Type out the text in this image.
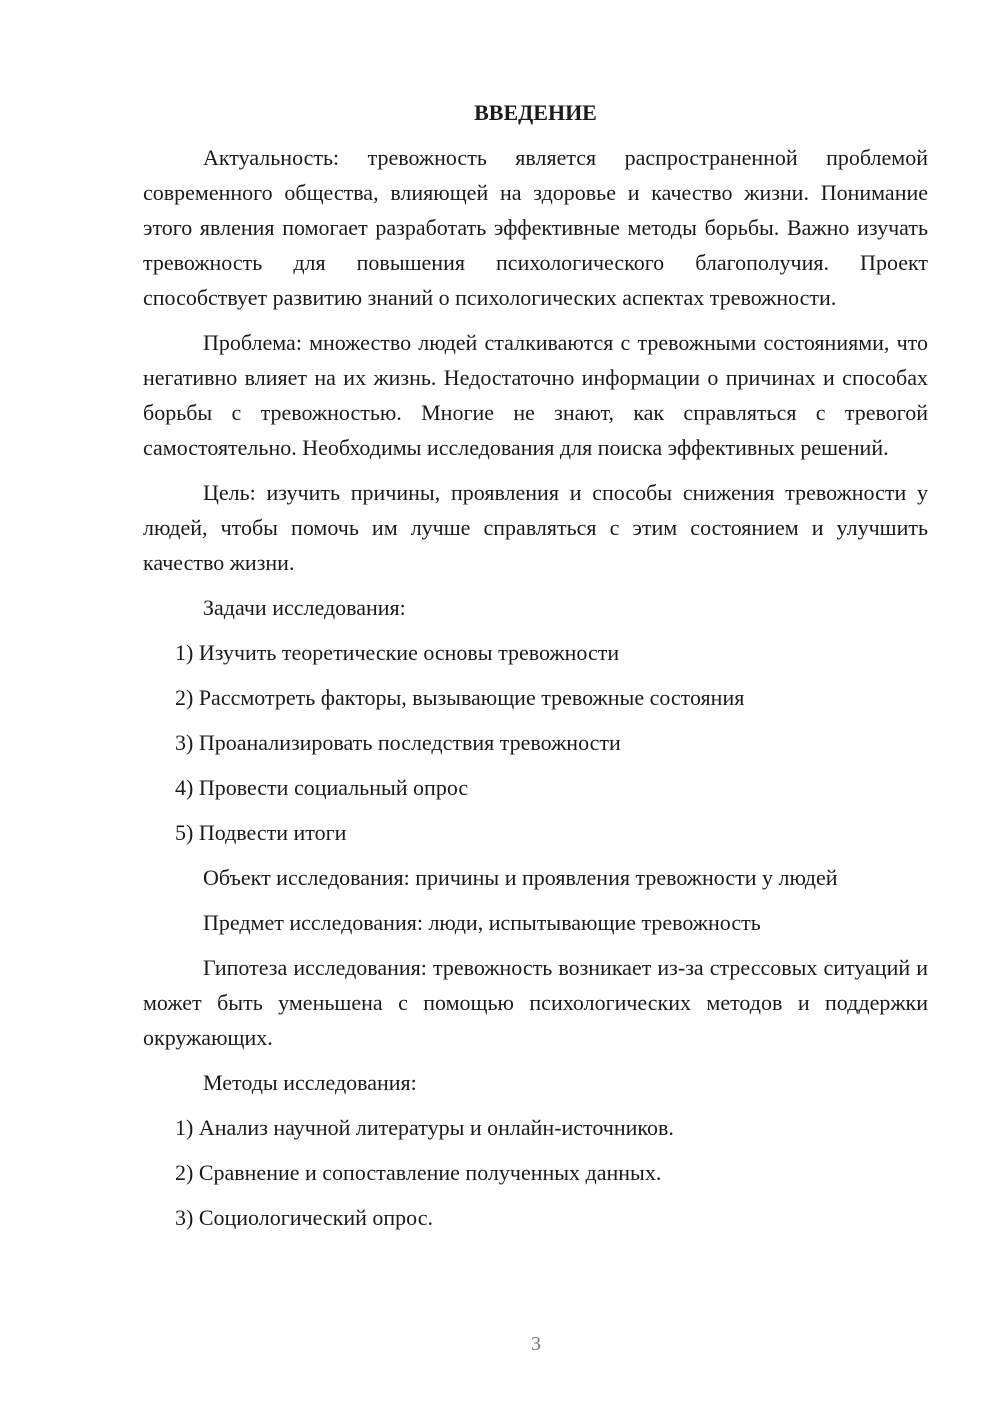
ВВЕДЕНИЕ

Актуальность: тревожность является распространенной проблемой современного общества, влияющей на здоровье и качество жизни. Понимание этого явления помогает разработать эффективные методы борьбы. Важно изучать тревожность для повышения психологического благополучия. Проект способствует развитию знаний о психологических аспектах тревожности.

Проблема: множество людей сталкиваются с тревожными состояниями, что негативно влияет на их жизнь. Недостаточно информации о причинах и способах борьбы с тревожностью. Многие не знают, как справляться с тревогой самостоятельно. Необходимы исследования для поиска эффективных решений.

Цель: изучить причины, проявления и способы снижения тревожности у людей, чтобы помочь им лучше справляться с этим состоянием и улучшить качество жизни.

Задачи исследования:

1) Изучить теоретические основы тревожности

2) Рассмотреть факторы, вызывающие тревожные состояния

3) Проанализировать последствия тревожности

4) Провести социальный опрос

5) Подвести итоги

Объект исследования: причины и проявления тревожности у людей

Предмет исследования: люди, испытывающие тревожность

Гипотеза исследования: тревожность возникает из-за стрессовых ситуаций и может быть уменьшена с помощью психологических методов и поддержки окружающих.

Методы исследования:

1) Анализ научной литературы и онлайн-источников.

2) Сравнение и сопоставление полученных данных.

3) Социологический опрос.

3
